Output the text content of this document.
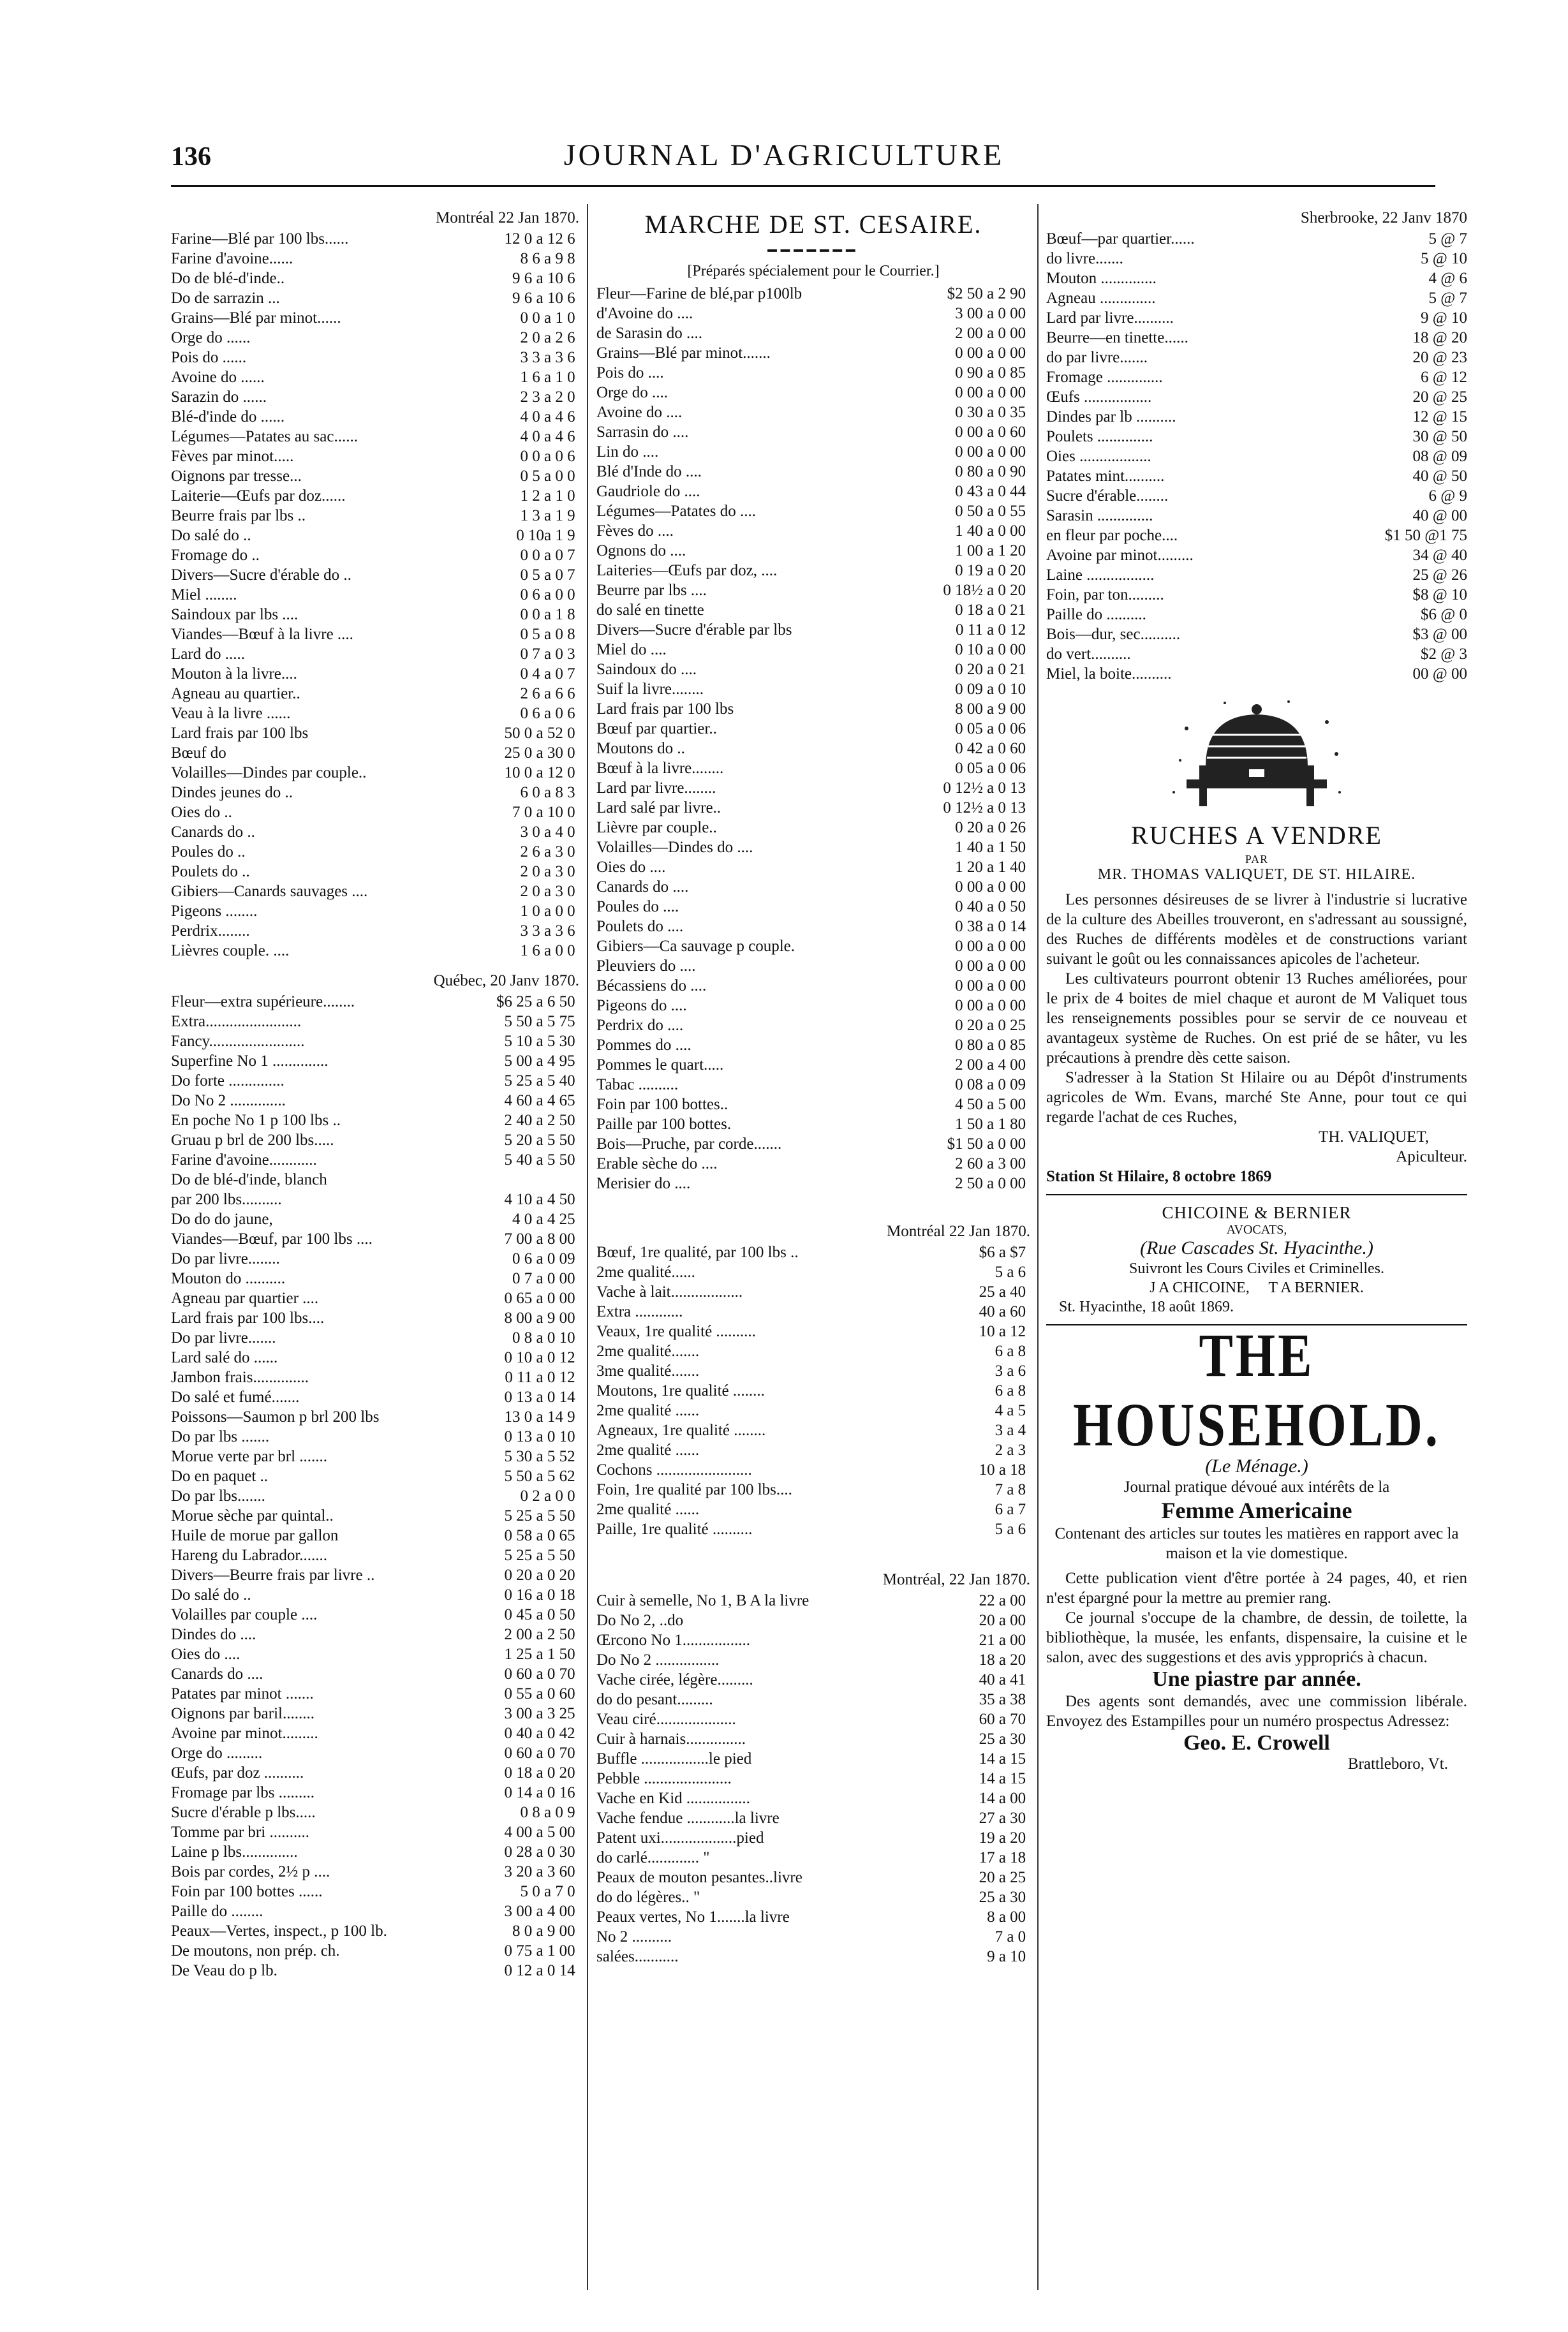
136	JOURNAL D'AGRICULTURE
Montréal 22 Jan 1870.
Farine—Blé par 100 lbs......	12 0 a 12 6
Farine d'avoine......	8 6 a 9 8
Do de blé-d'inde..	9 6 a 10 6
Do de sarrazin ...	9 6 a 10 6
Grains—Blé par minot......	0 0 a 1 0
Orge do ......	2 0 a 2 6
Pois do ......	3 3 a 3 6
Avoine do ......	1 6 a 1 0
Sarazin do ......	2 3 a 2 0
Blé-d'inde do ......	4 0 a 4 6
Légumes—Patates au sac......	4 0 a 4 6
Fèves par minot.....	0 0 a 0 6
Oignons par tresse...	0 5 a 0 0
Laiterie—Œufs par doz......	1 2 a 1 0
Beurre frais par lbs ..	1 3 a 1 9
Do salé do ..	0 10a 1 9
Fromage do ..	0 0 a 0 7
Divers—Sucre d'érable do ..	0 5 a 0 7
Miel ........	0 6 a 0 0
Saindoux par lbs ....	0 0 a 1 8
Viandes—Bœuf à la livre ....	0 5 a 0 8
Lard do .....	0 7 a 0 3
Mouton à la livre....	0 4 a 0 7
Agneau au quartier..	2 6 a 6 6
Veau à la livre ......	0 6 a 0 6
Lard frais par 100 lbs	50 0 a 52 0
Bœuf do	25 0 a 30 0
Volailles—Dindes par couple..	10 0 a 12 0
Dindes jeunes do ..	6 0 a 8 3
Oies do ..	7 0 a 10 0
Canards do ..	3 0 a 4 0
Poules do ..	2 6 a 3 0
Poulets do ..	2 0 a 3 0
Gibiers—Canards sauvages ....	2 0 a 3 0
Pigeons ........	1 0 a 0 0
Perdrix........	3 3 a 3 6
Lièvres couple. ....	1 6 a 0 0
Québec, 20 Janv 1870.
Fleur—extra supérieure........	$6 25 a 6 50
Extra........................	5 50 a 5 75
Fancy........................	5 10 a 5 30
Superfine No 1 ..............	5 00 a 4 95
Do forte ..............	5 25 a 5 40
Do No 2 ..............	4 60 a 4 65
En poche No 1 p 100 lbs ..	2 40 a 2 50
Gruau p brl de 200 lbs.....	5 20 a 5 50
Farine d'avoine............	5 40 a 5 50
Do de blé-d'inde, blanch
par 200 lbs..........	4 10 a 4 50
Do do do jaune,	4 0 a 4 25
Viandes—Bœuf, par 100 lbs ....	7 00 a 8 00
Do par livre........	0 6 a 0 09
Mouton do ..........	0 7 a 0 00
Agneau par quartier ....	0 65 a 0 00
Lard frais par 100 lbs....	8 00 a 9 00
Do par livre.......	0 8 a 0 10
Lard salé do ......	0 10 a 0 12
Jambon frais..............	0 11 a 0 12
Do salé et fumé.......	0 13 a 0 14
Poissons—Saumon p brl 200 lbs	13 0 a 14 9
Do par lbs .......	0 13 a 0 10
Morue verte par brl .......	5 30 a 5 52
Do en paquet ..	5 50 a 5 62
Do par lbs.......	0 2 a 0 0
Morue sèche par quintal..	5 25 a 5 50
Huile de morue par gallon	0 58 a 0 65
Hareng du Labrador.......	5 25 a 5 50
Divers—Beurre frais par livre ..	0 20 a 0 20
Do salé do ..	0 16 a 0 18
Volailles par couple ....	0 45 a 0 50
Dindes do ....	2 00 a 2 50
Oies do ....	1 25 a 1 50
Canards do ....	0 60 a 0 70
Patates par minot .......	0 55 a 0 60
Oignons par baril........	3 00 a 3 25
Avoine par minot.........	0 40 a 0 42
Orge do .........	0 60 a 0 70
Œufs, par doz ..........	0 18 a 0 20
Fromage par lbs .........	0 14 a 0 16
Sucre d'érable p lbs.....	0 8 a 0 9
Tomme par bri ..........	4 00 a 5 00
Laine p lbs..............	0 28 a 0 30
Bois par cordes, 2½ p ....	3 20 a 3 60
Foin par 100 bottes ......	5 0 a 7 0
Paille do ........	3 00 a 4 00
Peaux—Vertes, inspect., p 100 lb.	8 0 a 9 00
De moutons, non prép. ch.	0 75 a 1 00
De Veau do p lb.	0 12 a 0 14
MARCHE DE ST. CESAIRE.
━━━━━━━
[Préparés spécialement pour le Courrier.]
Fleur—Farine de blé,par p100lb	$2 50 a 2 90
d'Avoine do ....	3 00 a 0 00
de Sarasin do ....	2 00 a 0 00
Grains—Blé par minot.......	0 00 a 0 00
Pois do ....	0 90 a 0 85
Orge do ....	0 00 a 0 00
Avoine do ....	0 30 a 0 35
Sarrasin do ....	0 00 a 0 60
Lin do ....	0 00 a 0 00
Blé d'Inde do ....	0 80 a 0 90
Gaudriole do ....	0 43 a 0 44
Légumes—Patates do ....	0 50 a 0 55
Fèves do ....	1 40 a 0 00
Ognons do ....	1 00 a 1 20
Laiteries—Œufs par doz, ....	0 19 a 0 20
Beurre par lbs ....	0 18½ a 0 20
do salé en tinette	0 18 a 0 21
Divers—Sucre d'érable par lbs	0 11 a 0 12
Miel do ....	0 10 a 0 00
Saindoux do ....	0 20 a 0 21
Suif la livre........	0 09 a 0 10
Lard frais par 100 lbs	8 00 a 9 00
Bœuf par quartier..	0 05 a 0 06
Moutons do ..	0 42 a 0 60
Bœuf à la livre........	0 05 a 0 06
Lard par livre........	0 12½ a 0 13
Lard salé par livre..	0 12½ a 0 13
Lièvre par couple..	0 20 a 0 26
Volailles—Dindes do ....	1 40 a 1 50
Oies do ....	1 20 a 1 40
Canards do ....	0 00 a 0 00
Poules do ....	0 40 a 0 50
Poulets do ....	0 38 a 0 14
Gibiers—Ca sauvage p couple.	0 00 a 0 00
Pleuviers do ....	0 00 a 0 00
Bécassiens do ....	0 00 a 0 00
Pigeons do ....	0 00 a 0 00
Perdrix do ....	0 20 a 0 25
Pommes do ....	0 80 a 0 85
Pommes le quart.....	2 00 a 4 00
Tabac ..........	0 08 a 0 09
Foin par 100 bottes..	4 50 a 5 00
Paille par 100 bottes.	1 50 a 1 80
Bois—Pruche, par corde.......	$1 50 a 0 00
Erable sèche do ....	2 60 a 3 00
Merisier do ....	2 50 a 0 00
Montréal 22 Jan 1870.
Bœuf, 1re qualité, par 100 lbs ..	$6 a $7
2me qualité......	5 a 6
Vache à lait..................	25 a 40
Extra ............	40 a 60
Veaux, 1re qualité ..........	10 a 12
2me qualité.......	6 a 8
3me qualité.......	3 a 6
Moutons, 1re qualité ........	6 a 8
2me qualité ......	4 a 5
Agneaux, 1re qualité ........	3 a 4
2me qualité ......	2 a 3
Cochons ........................	10 a 18
Foin, 1re qualité par 100 lbs....	7 a 8
2me qualité ......	6 a 7
Paille, 1re qualité ..........	5 a 6
Montréal, 22 Jan 1870.
Cuir à semelle, No 1, B A la livre	22 a 00
Do No 2, ..do	20 a 00
Œrcono No 1.................	21 a 00
Do No 2 ................	18 a 20
Vache cirée, légère.........	40 a 41
do do pesant.........	35 a 38
Veau ciré....................	60 a 70
Cuir à harnais...............	25 a 30
Buffle .................le pied	14 a 15
Pebble ......................	14 a 15
Vache en Kid ................	14 a 00
Vache fendue ............la livre	27 a 30
Patent uxi...................pied	19 a 20
do carlé............. "	17 a 18
Peaux de mouton pesantes..livre	20 a 25
do do légères.. "	25 a 30
Peaux vertes, No 1.......la livre	8 a 00
No 2 ..........	7 a 0
salées...........	9 a 10
Sherbrooke, 22 Janv 1870
Bœuf—par quartier......	5 @ 7
do livre.......	5 @ 10
Mouton ..............	4 @ 6
Agneau ..............	5 @ 7
Lard par livre..........	9 @ 10
Beurre—en tinette......	18 @ 20
do par livre.......	20 @ 23
Fromage ..............	6 @ 12
Œufs .................	20 @ 25
Dindes par lb ..........	12 @ 15
Poulets ..............	30 @ 50
Oies ..................	08 @ 09
Patates mint..........	40 @ 50
Sucre d'érable........	6 @ 9
Sarasin ..............	40 @ 00
en fleur par poche....	$1 50 @1 75
Avoine par minot.........	34 @ 40
Laine .................	25 @ 26
Foin, par ton.........	$8 @ 10
Paille do ..........	$6 @ 0
Bois—dur, sec..........	$3 @ 00
do vert..........	$2 @ 3
Miel, la boite..........	00 @ 00
RUCHES A VENDRE
PAR
MR. THOMAS VALIQUET, DE ST. HILAIRE.

Les personnes désireuses de se livrer à l'industrie si lucrative de la culture des Abeilles trouveront, en s'adressant au soussigné, des Ruches de différents modèles et de constructions variant suivant le goût ou les connaissances apicoles de l'acheteur.

Les cultivateurs pourront obtenir 13 Ruches améliorées, pour le prix de 4 boites de miel chaque et auront de M Valiquet tous les renseignements possibles pour se servir de ce nouveau et avantageux système de Ruches. On est prié de se hâter, vu les précautions à prendre dès cette saison.

S'adresser à la Station St Hilaire ou au Dépôt d'instruments agricoles de Wm. Evans, marché Ste Anne, pour tout ce qui regarde l'achat de ces Ruches,

TH. VALIQUET,
Apiculteur.
Station St Hilaire, 8 octobre 1869
CHICOINE & BERNIER
AVOCATS,
(Rue Cascades St. Hyacinthe.)
Suivront les Cours Civiles et Criminelles.
J A CHICOINE,     T A BERNIER.
St. Hyacinthe, 18 août 1869.
THE HOUSEHOLD.
(Le Ménage.)
Journal pratique dévoué aux intérêts de la
Femme Americaine
Contenant des articles sur toutes les matières en rapport avec la maison et la vie domestique.

Cette publication vient d'être portée à 24 pages, 40, et rien n'est épargné pour la mettre au premier rang.

Ce journal s'occupe de la chambre, de dessin, de toilette, la bibliothèque, la musée, les enfants, dispensaire, la cuisine et le salon, avec des suggestions et des avis ypproprićs à chacun.

Une piastre par année.

Des agents sont demandés, avec une commission libérale. Envoyez des Estampilles pour un numéro prospectus Adressez:

Geo. E. Crowell
Brattleboro, Vt.
